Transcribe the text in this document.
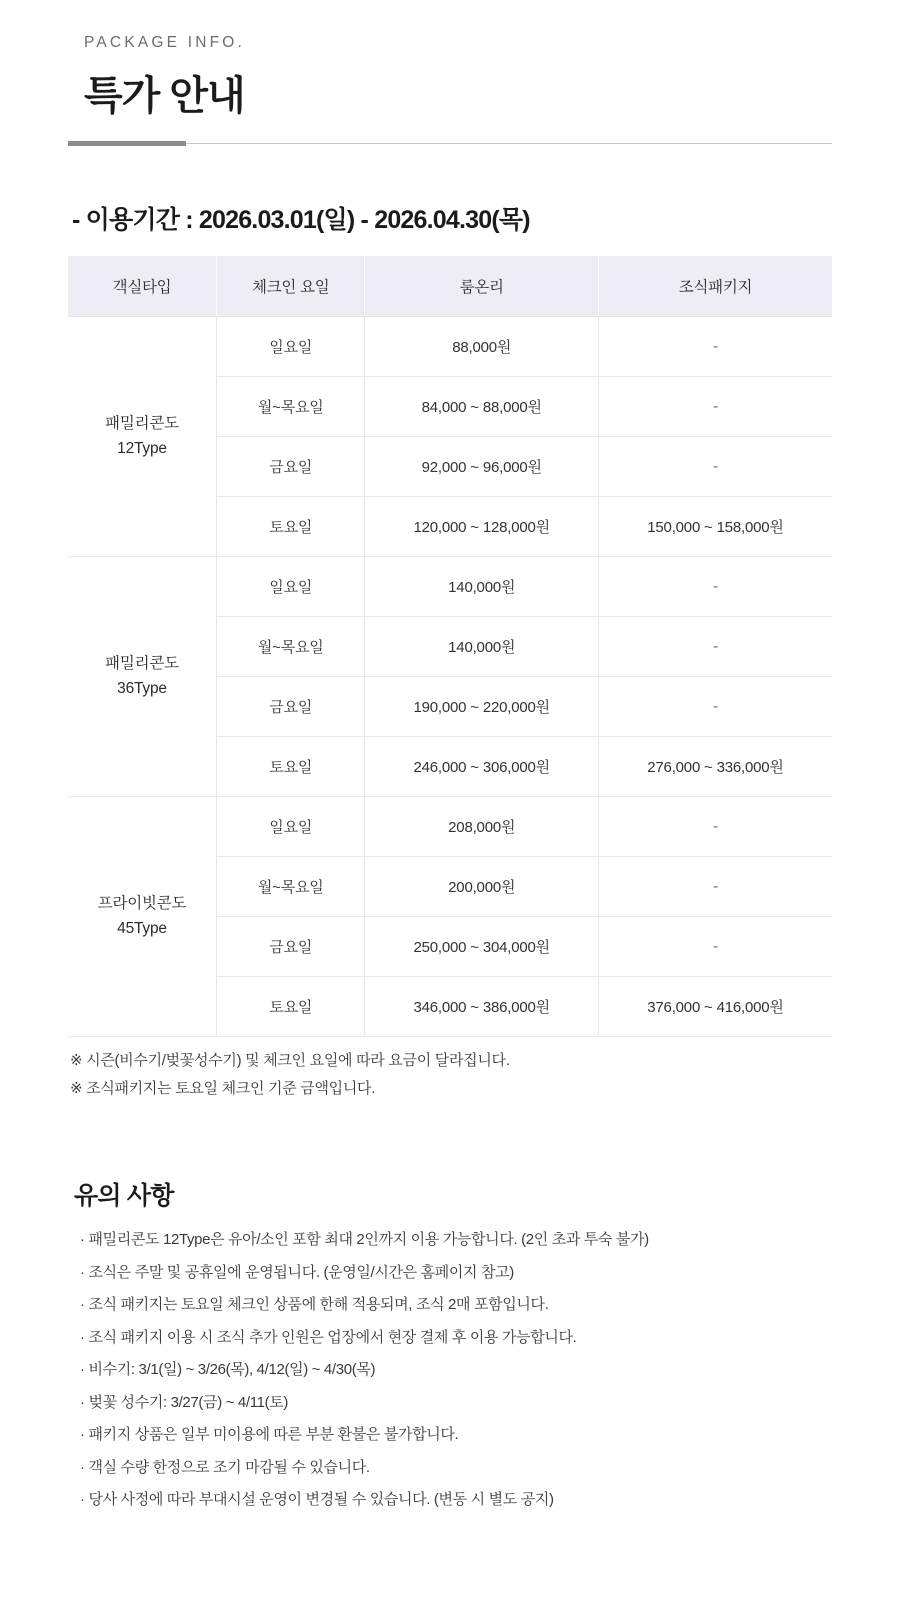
PACKAGE INFO.
특가 안내
- 이용기간 : 2026.03.01(일) - 2026.04.30(목)
객실타입	체크인 요일	룸온리	조식패키지
패밀리콘도
12Type	일요일	88,000원	-
	월~목요일	84,000 ~ 88,000원	-
	금요일	92,000 ~ 96,000원	-
	토요일	120,000 ~ 128,000원	150,000 ~ 158,000원
패밀리콘도
36Type	일요일	140,000원	-
	월~목요일	140,000원	-
	금요일	190,000 ~ 220,000원	-
	토요일	246,000 ~ 306,000원	276,000 ~ 336,000원
프라이빗콘도
45Type	일요일	208,000원	-
	월~목요일	200,000원	-
	금요일	250,000 ~ 304,000원	-
	토요일	346,000 ~ 386,000원	376,000 ~ 416,000원
※ 시즌(비수기/벚꽃성수기) 및 체크인 요일에 따라 요금이 달라집니다.
※ 조식패키지는 토요일 체크인 기준 금액입니다.
유의 사항
· 패밀리콘도 12Type은 유아/소인 포함 최대 2인까지 이용 가능합니다. (2인 초과 투숙 불가)
· 조식은 주말 및 공휴일에 운영됩니다. (운영일/시간은 홈페이지 참고)
· 조식 패키지는 토요일 체크인 상품에 한해 적용되며, 조식 2매 포함입니다.
· 조식 패키지 이용 시 조식 추가 인원은 업장에서 현장 결제 후 이용 가능합니다.
· 비수기: 3/1(일) ~ 3/26(목), 4/12(일) ~ 4/30(목)
· 벚꽃 성수기: 3/27(금) ~ 4/11(토)
· 패키지 상품은 일부 미이용에 따른 부분 환불은 불가합니다.
· 객실 수량 한정으로 조기 마감될 수 있습니다.
· 당사 사정에 따라 부대시설 운영이 변경될 수 있습니다. (변동 시 별도 공지)
